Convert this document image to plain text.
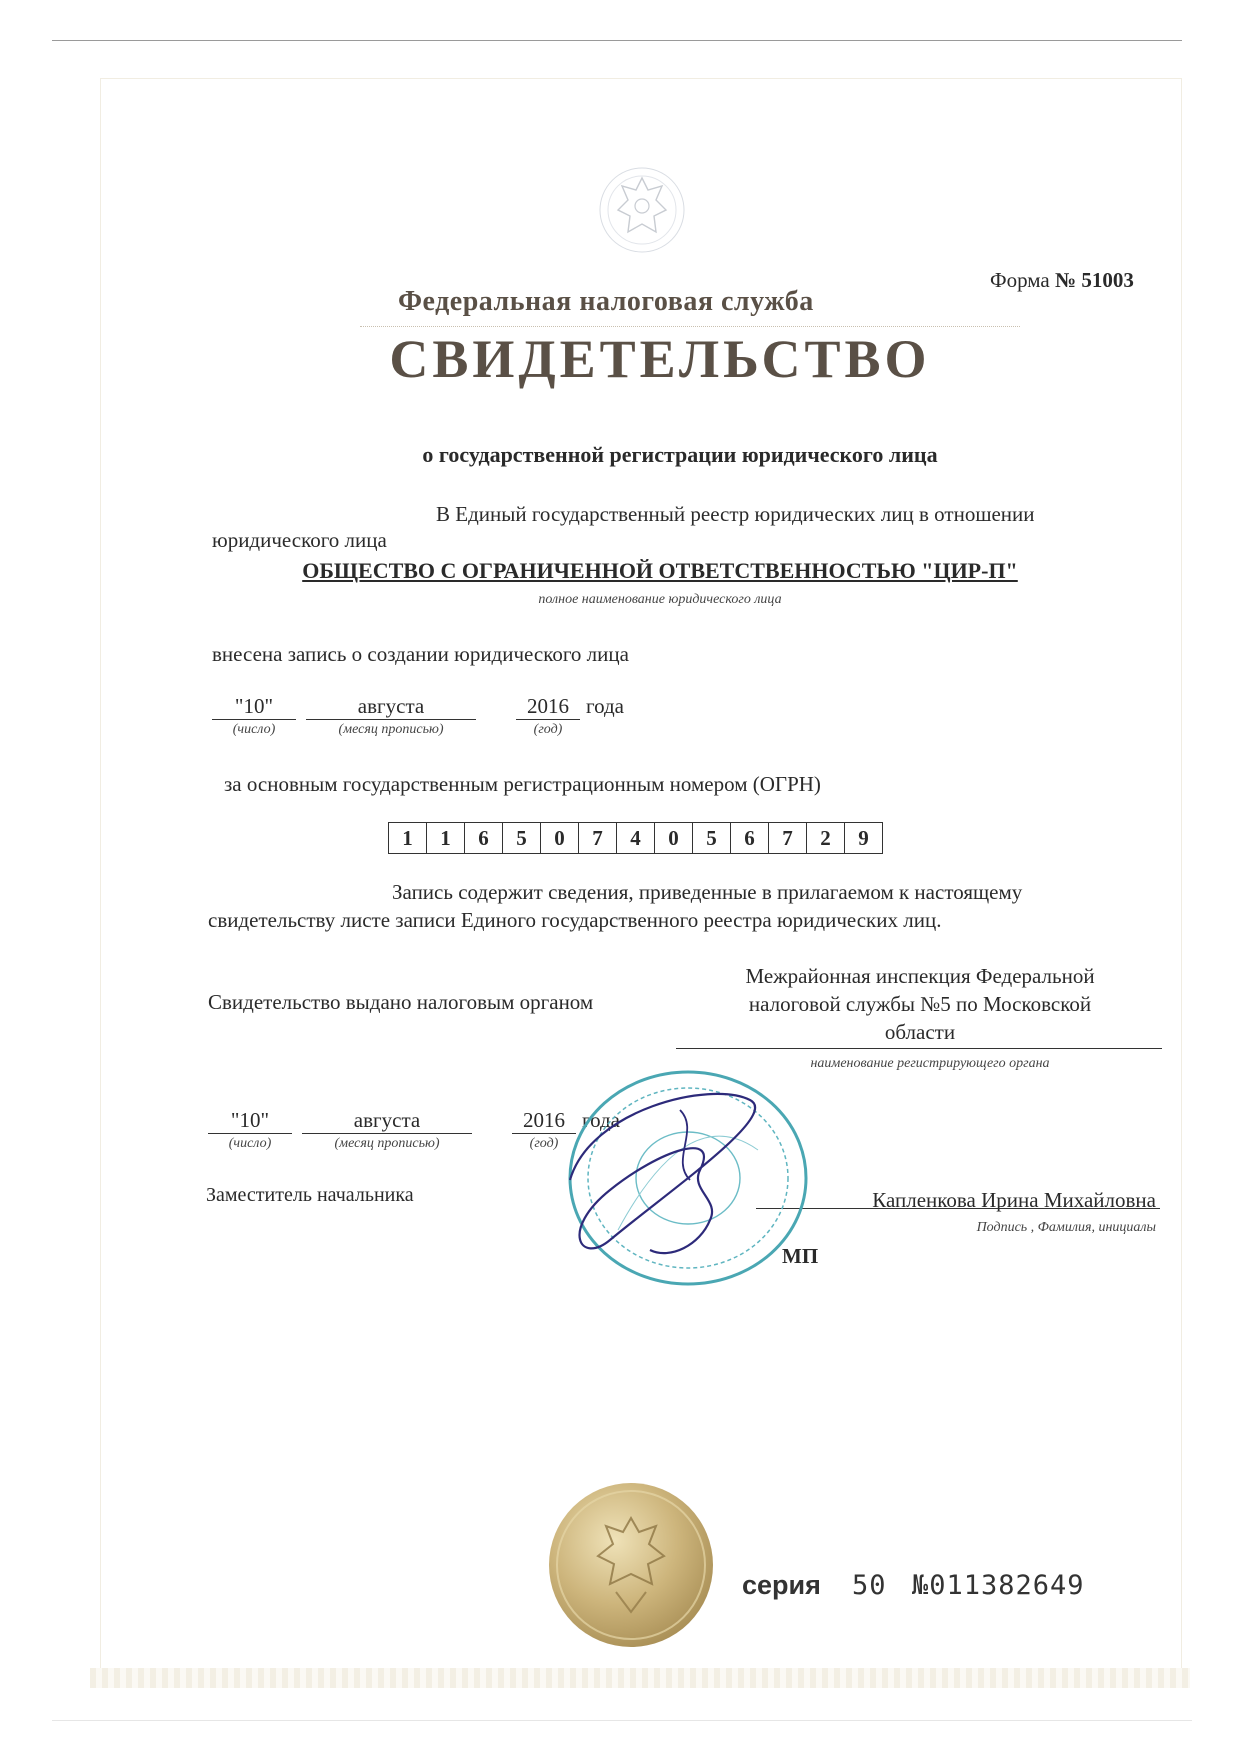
Форма № 51003
Федеральная налоговая служба
СВИДЕТЕЛЬСТВО
о государственной регистрации юридического лица
В Единый государственный реестр юридических лиц в отношении
юридического лица
ОБЩЕСТВО С ОГРАНИЧЕННОЙ ОТВЕТСТВЕННОСТЬЮ "ЦИР-П"
полное наименование юридического лица
внесена запись о создании юридического лица
"10"	августа	2016 года
(число)	(месяц прописью)	(год)
за основным государственным регистрационным номером (ОГРН)
1	1	6	5	0	7	4	0	5	6	7	2	9
Запись содержит сведения, приведенные в прилагаемом к настоящему
свидетельству листе записи Единого государственного реестра юридических лиц.
Свидетельство выдано налоговым органом
Межрайонная инспекция Федеральной
налоговой службы №5 по Московской
области
наименование регистрирующего органа
"10"	августа	2016 года
(число)	(месяц прописью)	(год)
Заместитель начальника	Капленкова Ирина Михайловна
Подпись , Фамилия, инициалы
МП
серия 50 №011382649
